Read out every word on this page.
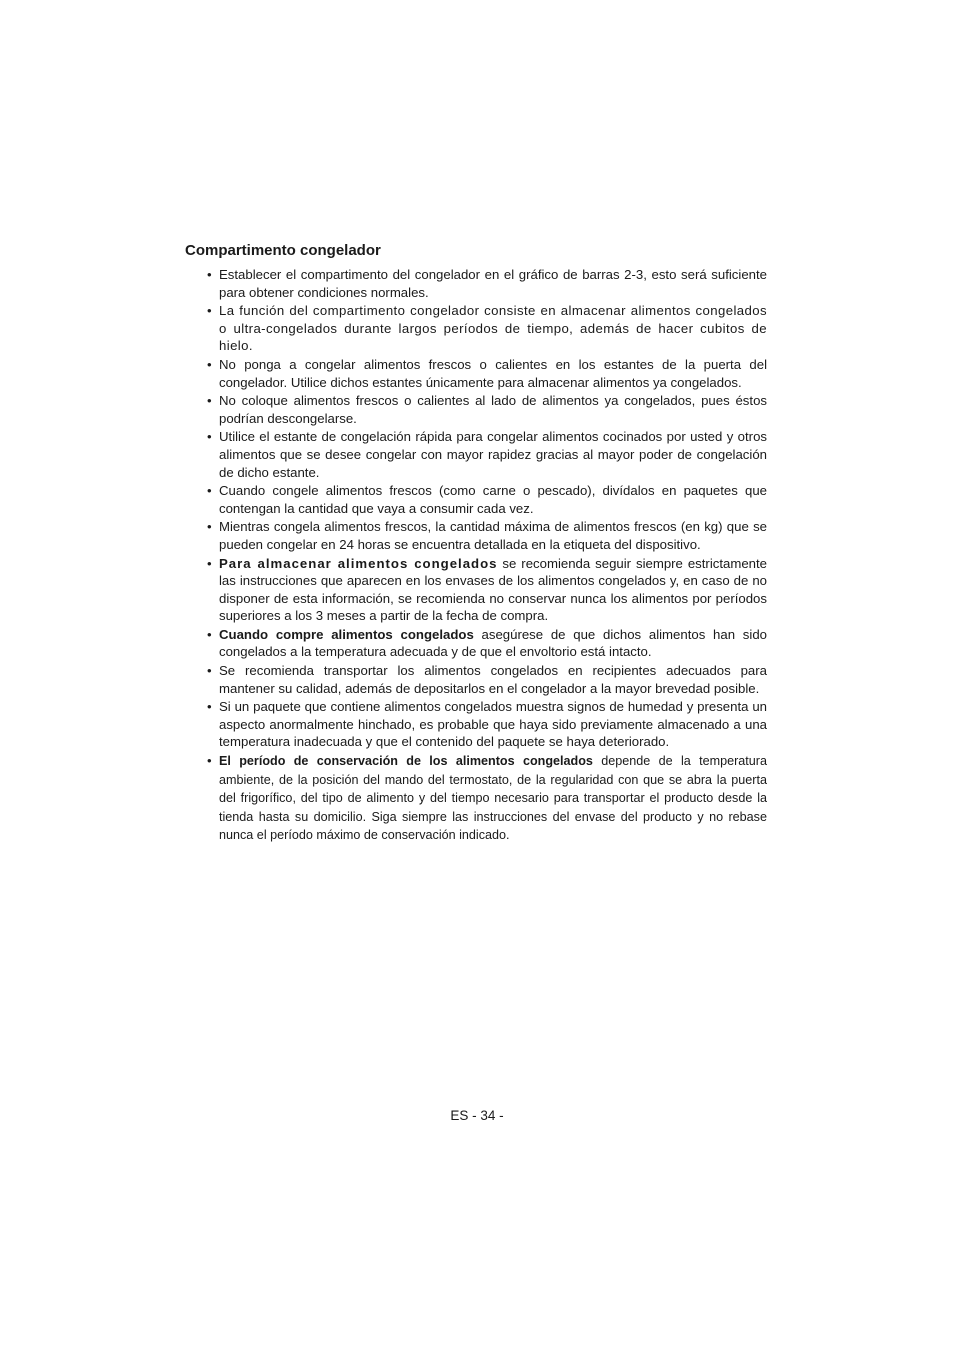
Compartimento congelador
• Establecer el compartimento del congelador en el gráfico de barras 2-3, esto será suficiente para obtener condiciones normales.
• La función del compartimento congelador consiste en almacenar alimentos congelados o ultra-congelados durante largos períodos de tiempo, además de hacer cubitos de hielo.
• No ponga a congelar alimentos frescos o calientes en los estantes de la puerta del congelador. Utilice dichos estantes únicamente para almacenar alimentos ya congelados.
• No coloque alimentos frescos o calientes al lado de alimentos ya congelados, pues éstos podrían descongelarse.
• Utilice el estante de congelación rápida para congelar alimentos cocinados por usted y otros alimentos que se desee congelar con mayor rapidez gracias al mayor poder de congelación de dicho estante.
• Cuando congele alimentos frescos (como carne o pescado), divídalos en paquetes que contengan la cantidad que vaya a consumir cada vez.
• Mientras congela alimentos frescos, la cantidad máxima de alimentos frescos (en kg) que se pueden congelar en 24 horas se encuentra detallada en la etiqueta del dispositivo.
• Para almacenar alimentos congelados se recomienda seguir siempre estrictamente las instrucciones que aparecen en los envases de los alimentos congelados y, en caso de no disponer de esta información, se recomienda no conservar nunca los alimentos por períodos superiores a los 3 meses a partir de la fecha de compra.
• Cuando compre alimentos congelados asegúrese de que dichos alimentos han sido congelados a la temperatura adecuada y de que el envoltorio está intacto.
• Se recomienda transportar los alimentos congelados en recipientes adecuados para mantener su calidad, además de depositarlos en el congelador a la mayor brevedad posible.
• Si un paquete que contiene alimentos congelados muestra signos de humedad y presenta un aspecto anormalmente hinchado, es probable que haya sido previamente almacenado a una temperatura inadecuada y que el contenido del paquete se haya deteriorado.
• El período de conservación de los alimentos congelados depende de la temperatura ambiente, de la posición del mando del termostato, de la regularidad con que se abra la puerta del frigorífico, del tipo de alimento y del tiempo necesario para transportar el producto desde la tienda hasta su domicilio. Siga siempre las instrucciones del envase del producto y no rebase nunca el período máximo de conservación indicado.
ES - 34 -
